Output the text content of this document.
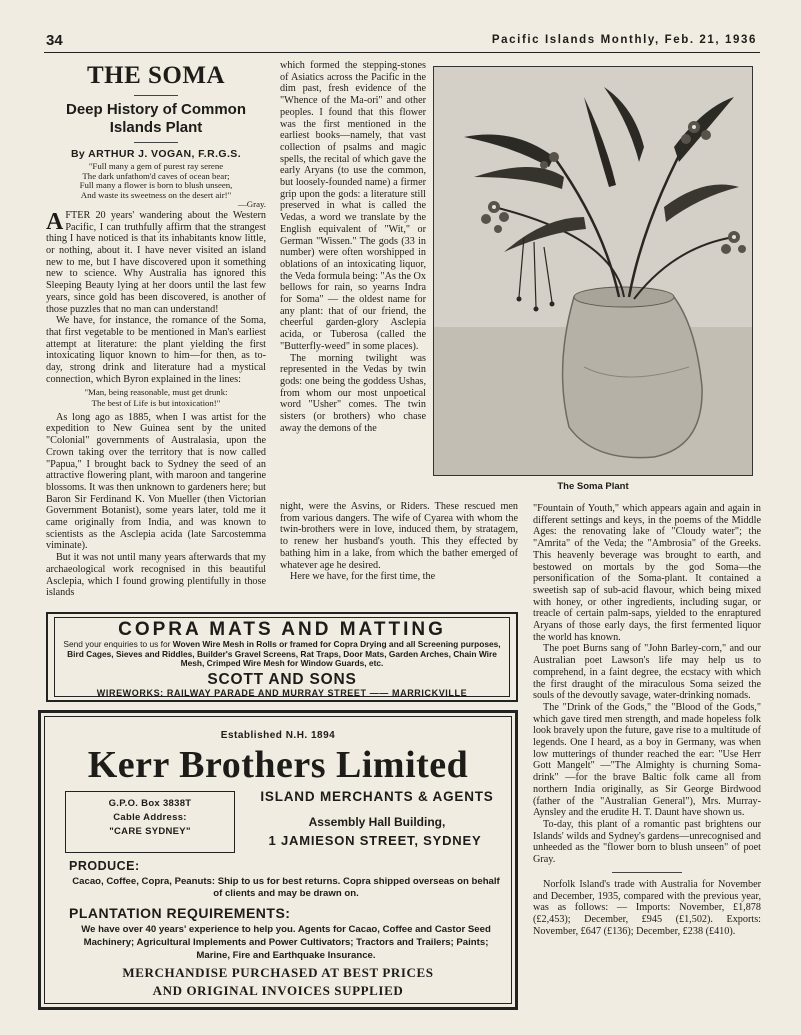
34	Pacific Islands Monthly, Feb. 21, 1936
THE SOMA
Deep History of Common Islands Plant
By ARTHUR J. VOGAN, F.R.G.S.

"Full many a gem of purest ray serene

The dark unfathom'd caves of ocean bear;

Full many a flower is born to blush unseen,

And waste its sweetness on the desert air!"

—Gray.

AFTER 20 years' wandering about the Western Pacific, I can truthfully affirm that the strangest thing I have noticed is that its inhabitants know little, or nothing, about it. I have never visited an island new to me, but I have discovered upon it something new to science. Why Australia has ignored this Sleeping Beauty lying at her doors until the last few years, since gold has been discovered, is another of those puzzles that no man can understand!

We have, for instance, the romance of the Soma, that first vegetable to be mentioned in Man's earliest attempt at literature: the plant yielding the first intoxicating liquor known to him—for then, as to-day, strong drink and literature had a mystical connection, which Byron explained in the lines:

"Man, being reasonable, must get drunk:

The best of Life is but intoxication!"

As long ago as 1885, when I was artist for the expedition to New Guinea sent by the united "Colonial" governments of Australasia, upon the Crown taking over the territory that is now called "Papua," I brought back to Sydney the seed of an attractive flowering plant, with maroon and tangerine blossoms. It was then unknown to gardeners here; but Baron Sir Ferdinand K. Von Mueller (then Victorian Government Botanist), some years later, told me it came originally from India, and was known to scientists as the Asclepia acida (late Sarcostemma viminate).

But it was not until many years afterwards that my archaeological work recognised in this beautiful Asclepia, which I found growing plentifully in those islands

which formed the stepping-stones of Asiatics across the Pacific in the dim past, fresh evidence of the "Whence of the Ma-ori" and other peoples. I found that this flower was the first mentioned in the earliest books—namely, that vast collection of psalms and magic spells, the recital of which gave the early Aryans (to use the common, but loosely-founded name) a firmer grip upon the gods: a literature still preserved in what is called the Vedas, a word we translate by the English equivalent of "Wit," or German "Wissen." The gods (33 in number) were often worshipped in oblations of an intoxicating liquor, the Veda formula being: "As the Ox bellows for rain, so yearns Indra for Soma" — the oldest name for any plant: that of our friend, the cheerful garden-glory Asclepia acida, or Tuberosa (called the "Butterfly-weed" in some places).

The morning twilight was represented in the Vedas by twin gods: one being the goddess Ushas, from whom our most unpoetical word "Usher" comes. The twin sisters (or brothers) who chase away the demons of the

The Soma Plant

night, were the Asvins, or Riders. These rescued men from various dangers. The wife of Cyarea with whom the twin-brothers were in love, induced them, by stratagem, to renew her husband's youth. This they effected by bathing him in a lake, from which the bather emerged of whatever age he desired.

Here we have, for the first time, the

"Fountain of Youth," which appears again and again in different settings and keys, in the poems of the Middle Ages: the renovating lake of "Cloudy water"; the "Amrita" of the Veda; the "Ambrosia" of the Greeks. This heavenly beverage was brought to earth, and bestowed on mortals by the god Soma—the personification of the Soma-plant. It contained a sweetish sap of sub-acid flavour, which being mixed with honey, or other ingredients, including sugar, or treacle of certain palm-saps, yielded to the enraptured Aryans of those early days, the first fermented liquor the world has known.

The poet Burns sang of "John Barley-corn," and our Australian poet Lawson's life may help us to comprehend, in a faint degree, the ecstacy with which the first draught of the miraculous Soma seized the souls of the devoutly savage, water-drinking nomads.

The "Drink of the Gods," the "Blood of the Gods," which gave tired men strength, and made hopeless folk look bravely upon the future, gave rise to a multitude of legends. One I heard, as a boy in Germany, was when low mutterings of thunder reached the ear: "Use Herr Gott Mangelt" —"The Almighty is churning Soma-drink" —for the brave Baltic folk came all from northern India originally, as Sir George Birdwood (father of the "Australian General"), Mrs. Murray-Aynsley and the erudite H. T. Daunt have shown us.

To-day, this plant of a romantic past brightens our Islands' wilds and Sydney's gardens—unrecognised and unheeded as the "flower born to blush unseen" of poet Gray.

Norfolk Island's trade with Australia for November and December, 1935, compared with the previous year, was as follows: — Imports: November, £1,878 (£2,453); December, £945 (£1,502). Exports: November, £647 (£136); December, £238 (£410).

COPRA MATS AND MATTING
Send your enquiries to us for Woven Wire Mesh in Rolls or framed for Copra Drying and all Screening purposes, Bird Cages, Sieves and Riddles, Builder's Gravel Screens, Rat Traps, Door Mats, Garden Arches, Chain Wire Mesh, Crimped Wire Mesh for Window Guards, etc.
SCOTT AND SONS
WIREWORKS: RAILWAY PARADE AND MURRAY STREET —— MARRICKVILLE
Established N.H. 1894
Kerr Brothers Limited
G.P.O. Box 3838T
Cable Address:
"CARE SYDNEY"
ISLAND MERCHANTS & AGENTS
Assembly Hall Building,
1 JAMIESON STREET, SYDNEY
PRODUCE:
Cacao, Coffee, Copra, Peanuts: Ship to us for best returns. Copra shipped overseas on behalf of clients and may be drawn on.
PLANTATION REQUIREMENTS:
We have over 40 years' experience to help you. Agents for Cacao, Coffee and Castor Seed Machinery; Agricultural Implements and Power Cultivators; Tractors and Trailers; Paints; Marine, Fire and Earthquake Insurance.
MERCHANDISE PURCHASED AT BEST PRICES
AND ORIGINAL INVOICES SUPPLIED
